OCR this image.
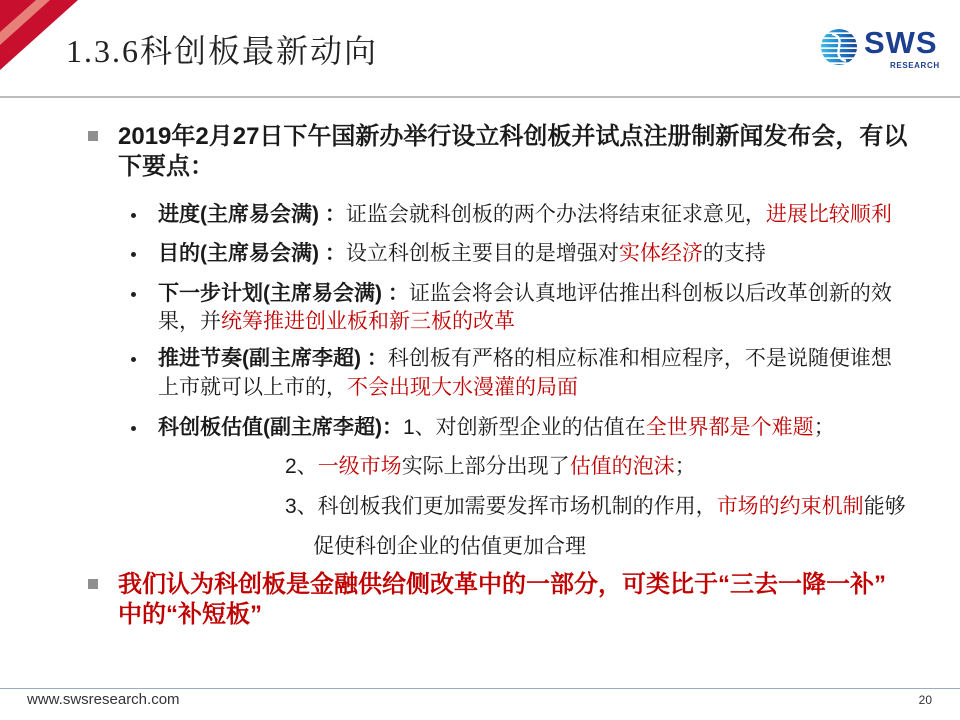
1.3.6科创板最新动向	SWS
RESEARCH
2019年2月27日下午国新办举行设立科创板并试点注册制新闻发布会，有以
下要点：
进度(主席易会满) ：证监会就科创板的两个办法将结束征求意见，进展比较顺利
目的(主席易会满) ：设立科创板主要目的是增强对实体经济的支持
下一步计划(主席易会满) ：证监会将会认真地评估推出科创板以后改革创新的效
果，并统筹推进创业板和新三板的改革
推进节奏(副主席李超) ：科创板有严格的相应标准和相应程序，不是说随便谁想
上市就可以上市的，不会出现大水漫灌的局面
科创板估值(副主席李超)：1、对创新型企业的估值在全世界都是个难题；
2、一级市场实际上部分出现了估值的泡沫；
3、科创板我们更加需要发挥市场机制的作用，市场的约束机制能够
促使科创企业的估值更加合理
我们认为科创板是金融供给侧改革中的一部分，可类比于“三去一降一补”
中的“补短板”
www.swsresearch.com	20
